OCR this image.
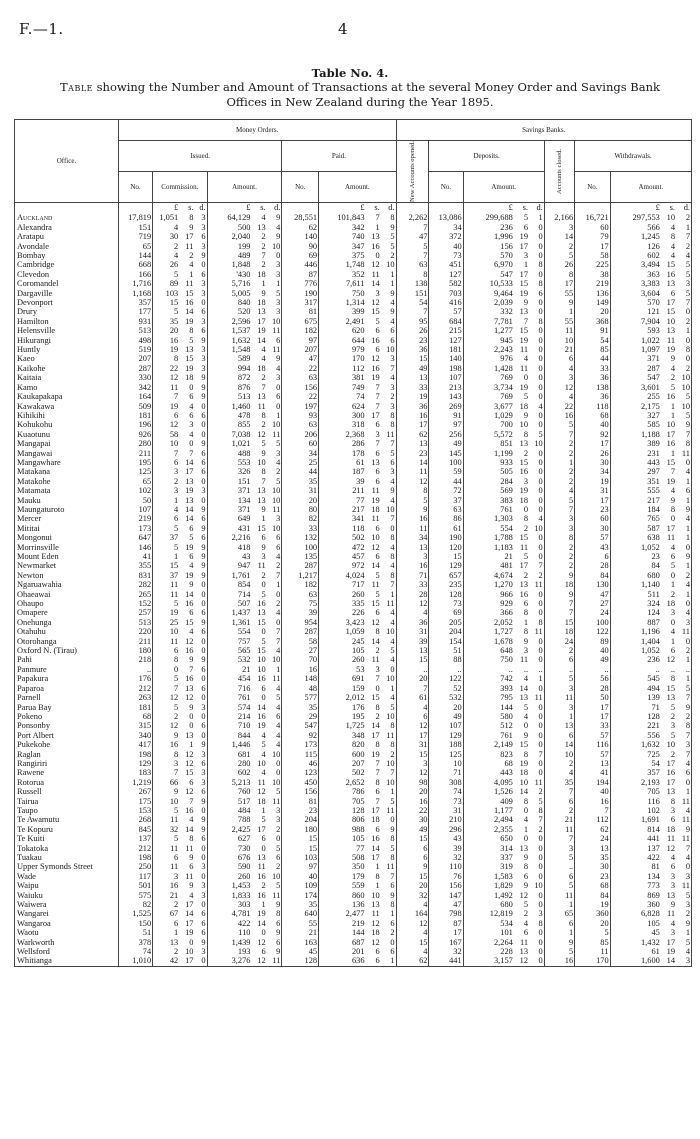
F.—1.	4
Table No. 4.
Table showing the Number and Amount of Transactions at the several Money Order and Savings Bank Offices in New Zealand during the Year 1895.
Office.	Money Orders.											Savings Banks.									
	Issued.							Paid.				New Accounts opened.	Deposits.				Accounts closed.	Withdrawals.			
	No.	Commission.			Amount.			No.	Amount.				No.	Amount.				No.	Amount.		
		£	s.	d.	£	s.	d.		£	s.	d.			£	s.	d.			£	s.	d.
Auckland	17,819	1,051	8	3	64,129	4	9	28,551	101,843	7	8	2,262	13,086	299,688	5	1	2,166	16,721	297,553	10	2
Alexandra	151	4	9	3	500	13	4	62	342	1	9	7	34	236	6	0	3	60	566	4	1
Aratapu	719	30	17	6	2,040	2	9	140	740	13	5	47	372	1,996	19	0	14	79	1,245	8	7
Avondale	65	2	11	3	199	2	10	90	347	16	5	5	40	156	17	0	2	17	126	4	2
Bombay	144	4	2	9	489	7	0	69	375	0	2	7	73	570	3	0	5	58	602	4	4
Cambridge	668	26	4	0	1,848	2	3	446	1,748	12	10	63	451	6,970	1	8	26	225	3,494	15	5
Clevedon	166	5	1	6	'430	18	3	87	352	11	1	8	127	547	17	0	8	38	363	16	5
Coromandel	1,716	89	11	3	5,716	1	1	776	7,611	14	1	138	582	10,533	15	8	17	219	3,383	13	3
Dargaville	1,168	103	15	3	5,005	9	5	190	750	3	9	151	703	9,464	19	6	55	136	3,604	6	5
Devonport	357	15	16	0	840	18	3	317	1,314	12	4	54	416	2,039	9	0	9	149	570	17	7
Drury	177	5	14	6	520	13	3	81	399	15	9	7	57	332	13	0	1	20	121	15	0
Hamilton	931	35	19	3	2,596	17	10	675	2,491	5	4	95	684	7,781	7	8	55	368	7,904	10	2
Helensville	513	20	8	6	1,537	19	11	182	620	6	6	26	215	1,277	15	0	11	91	593	13	1
Hikurangi	498	16	5	9	1,632	14	6	97	644	16	6	23	127	945	19	0	10	54	1,022	11	0
Huntly	519	19	13	3	1,548	4	11	207	979	6	10	36	181	2,243	11	0	21	85	1,097	19	8
Kaeo	207	8	15	3	589	4	9	47	170	12	3	15	140	976	4	0	6	44	371	9	0
Kaikohe	287	22	19	3	994	18	4	22	112	16	7	49	198	1,428	11	0	4	33	287	4	2
Kaitaia	330	12	18	9	872	2	3	63	381	19	4	13	107	769	0	0	3	36	547	2	10
Kamo	342	11	0	9	876	7	0	156	749	7	3	33	213	3,734	19	0	12	138	3,601	5	10
Kaukapakapa	164	7	6	9	513	13	6	22	74	7	2	19	143	769	5	0	4	36	255	16	5
Kawakawa	509	19	4	0	1,460	11	0	197	624	7	3	36	269	3,677	18	4	22	118	2,175	1	10
Kihikihi	181	6	6	6	478	8	1	93	300	17	8	16	91	1,029	9	0	16	68	327	1	5
Kohukohu	196	12	3	0	855	2	10	63	318	6	8	17	97	700	10	0	5	40	585	10	9
Kuaotunu	926	58	4	0	7,038	12	11	206	2,368	3	11	62	256	5,572	8	5	7	92	1,188	17	7
Mangapai	280	10	0	9	1,021	5	5	60	286	7	7	13	49	851	13	10	2	17	389	16	8
Mangawai	211	7	7	6	488	9	3	34	178	6	5	23	145	1,199	2	0	2	26	231	1	11
Mangawhare	195	6	14	6	553	10	4	25	61	13	6	14	100	933	15	0	1	30	443	15	0
Matakana	125	3	17	6	326	8	2	44	187	6	3	11	59	505	16	0	2	34	297	7	4
Matakohe	65	2	13	0	151	7	5	35	39	6	4	12	44	284	3	0	2	19	351	19	1
Matamata	102	3	19	3	371	13	10	31	211	11	9	8	72	569	19	0	4	31	555	4	6
Mauku	50	1	13	0	134	13	10	20	77	19	4	5	37	383	18	0	5	17	217	9	1
Maungaturoto	107	4	14	9	371	9	11	80	217	18	10	9	63	761	0	0	7	23	184	8	9
Mercer	219	6	14	6	649	1	3	82	341	11	7	16	86	1,303	8	4	3	60	765	0	4
Mititai	173	5	6	9	431	15	10	33	118	6	0	11	61	554	2	10	3	30	587	17	1
Mongonui	647	37	5	6	2,216	6	6	132	502	10	8	34	190	1,788	15	0	8	57	638	11	1
Morrinsville	146	5	19	9	418	9	6	100	472	12	4	13	120	1,183	11	0	2	43	1,052	4	0
Mount Eden	41	1	6	9	43	3	4	135	457	6	8	3	15	21	5	0	2	6	23	6	9
Newmarket	355	15	4	9	947	11	2	287	972	14	4	16	129	481	17	7	2	28	84	5	1
Newton	831	37	19	9	1,761	2	7	1,217	4,024	5	8	71	657	4,674	2	2	9	84	680	0	2
Ngaruawahia	282	11	9	0	854	0	1	182	717	11	7	33	235	1,270	13	11	18	130	1,140	1	4
Ohaeawai	265	11	14	0	714	5	0	63	260	5	1	28	128	966	16	0	9	47	511	2	1
Ohaupo	152	5	16	0	507	16	2	75	335	15	11	12	73	929	6	0	7	27	324	18	0
Omapere	257	19	6	6	1,437	13	4	39	226	6	4	4	69	366	8	0	7	24	124	3	4
Onehunga	513	25	15	9	1,361	15	0	954	3,423	12	4	36	205	2,052	1	8	15	100	887	0	3
Otahuhu	220	10	4	6	554	0	7	287	1,059	8	10	31	204	1,727	8	11	18	122	1,196	4	11
Otorohanga	211	11	12	0	757	5	7	58	245	14	4	39	154	1,678	9	0	24	89	1,404	1	0
Oxford N. (Tirau)	180	6	16	0	565	15	4	27	105	2	5	13	51	648	3	0	2	40	1,052	6	2
Pahi	218	8	9	9	532	10	10	70	260	11	4	15	88	750	11	0	6	49	236	12	1
Panmure	..	0	7	6	21	10	1	16	53	3	0	..	..	..	..	..	..	..	..	..	..
Papakura	176	5	16	0	454	16	11	148	691	7	10	20	122	742	4	1	5	56	545	8	1
Paparoa	212	7	13	6	716	6	4	48	159	0	1	7	52	393	14	0	3	28	494	15	5
Parnell	263	12	12	0	761	0	5	577	2,012	15	4	61	532	795	13	11	11	50	139	13	7
Parua Bay	181	5	9	3	574	14	4	35	176	8	5	4	20	144	5	0	3	17	71	5	9
Pokeno	68	2	0	0	214	16	6	29	195	2	10	6	49	580	4	0	1	17	128	2	2
Ponsonby	315	12	0	6	710	19	4	547	1,725	14	8	12	107	512	0	0	13	33	221	3	8
Port Albert	340	9	13	0	844	4	4	92	348	17	11	17	129	761	9	0	6	57	556	5	7
Pukekohe	417	16	1	9	1,446	5	4	173	820	8	8	31	188	2,149	15	0	14	116	1,632	10	3
Raglan	198	8	12	3	681	4	10	115	600	19	2	15	125	823	8	7	10	57	725	2	7
Rangiriri	129	3	12	6	280	10	0	46	207	7	10	3	10	68	19	0	2	13	54	17	4
Rawene	183	7	15	3	602	4	0	123	502	7	7	12	71	443	18	0	4	41	357	16	6
Rotorua	1,219	66	6	3	5,213	11	10	450	2,652	8	10	98	308	4,095	10	11	35	194	2,193	17	0
Russell	267	9	12	6	760	12	5	156	786	6	1	20	74	1,526	14	2	7	40	705	13	1
Tairua	175	10	7	9	517	18	11	81	705	7	5	16	73	409	8	5	6	16	116	8	11
Taupo	153	5	16	0	484	1	3	23	128	17	11	22	31	1,177	0	8	2	7	102	3	4
Te Awamutu	268	11	4	9	788	5	3	204	806	18	0	30	210	2,494	4	7	21	112	1,691	6	11
Te Kopuru	845	32	14	9	2,425	17	2	180	988	6	9	49	296	2,355	1	2	11	62	814	18	9
Te Kuiti	137	5	8	6	627	6	0	15	105	16	8	15	43	650	0	0	7	24	441	11	11
Tokatoka	212	11	11	0	730	0	5	15	77	14	5	6	39	314	13	0	3	13	137	12	7
Tuakau	198	6	9	0	676	13	6	103	508	17	8	6	32	337	9	0	5	35	422	4	4
Upper Symonds Street	250	11	6	3	590	11	2	97	350	1	11	9	110	319	8	0	..	30	81	6	0
Wade	117	3	11	0	260	16	10	40	179	8	7	15	76	1,583	6	0	6	23	134	3	3
Waipu	501	16	9	3	1,453	2	5	109	559	1	6	20	156	1,829	9	10	5	68	773	3	11
Waiuku	575	21	4	3	1,833	16	11	174	860	10	9	32	147	1,492	12	0	11	84	869	13	5
Waiwera	82	2	17	0	303	1	9	35	136	13	8	4	47	680	5	0	1	19	360	9	3
Wangarei	1,525	67	14	6	4,781	19	8	640	2,477	11	1	164	798	12,819	2	3	65	360	6,828	11	2
Wangaroa	150	6	17	6	422	14	6	55	219	12	6	12	87	534	4	8	6	20	105	4	9
Waotu	51	1	19	6	110	0	9	21	144	18	2	4	17	101	6	0	1	5	45	3	1
Warkworth	378	13	0	9	1,439	12	6	163	687	12	0	15	167	2,264	11	0	9	85	1,432	17	5
Wellsford	74	2	10	3	193	6	9	45	201	6	6	4	32	228	13	0	5	11	61	19	4
Whitianga	1,010	42	17	0	3,276	12	11	128	636	6	1	62	441	3,157	12	0	16	170	1,600	14	3
